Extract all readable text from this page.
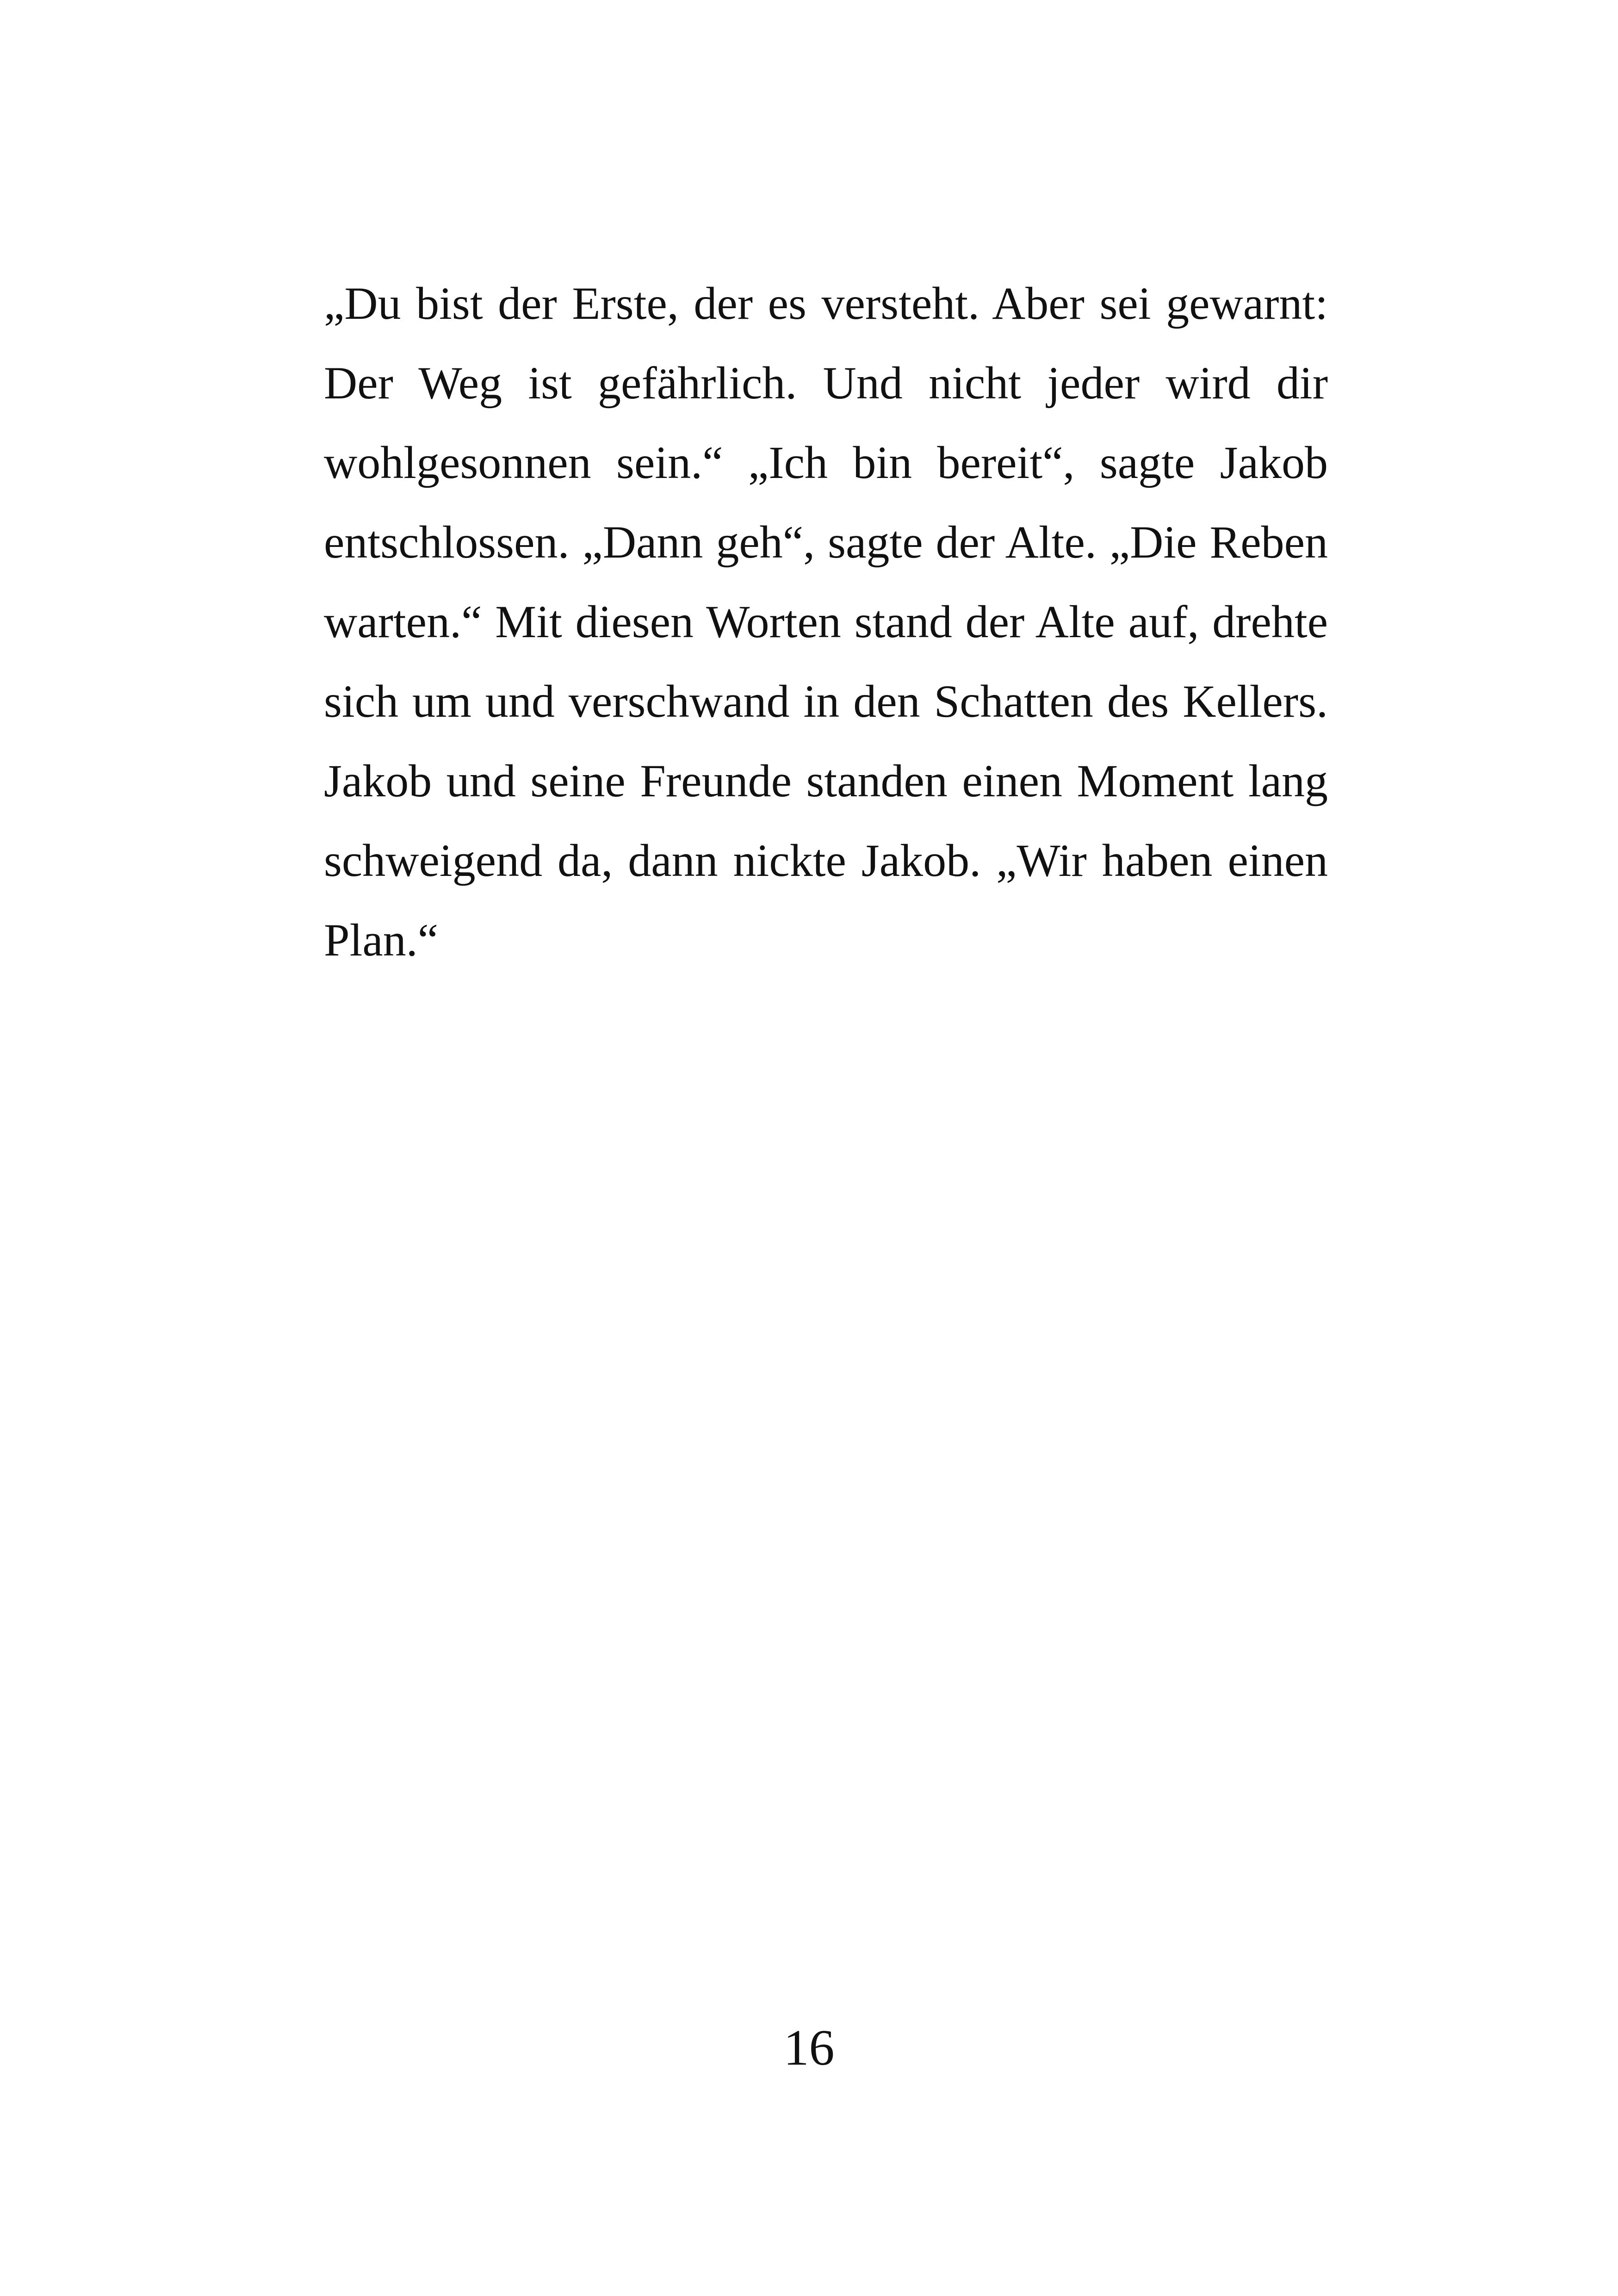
„Du bist der Erste, der es versteht. Aber sei gewarnt:
Der Weg ist gefährlich. Und nicht jeder wird dir
wohlgesonnen sein.“ „Ich bin bereit“, sagte Jakob
entschlossen. „Dann geh“, sagte der Alte. „Die Reben
warten.“ Mit diesen Worten stand der Alte auf, drehte
sich um und verschwand in den Schatten des Kellers.
Jakob und seine Freunde standen einen Moment lang
schweigend da, dann nickte Jakob. „Wir haben einen
Plan.“
16
